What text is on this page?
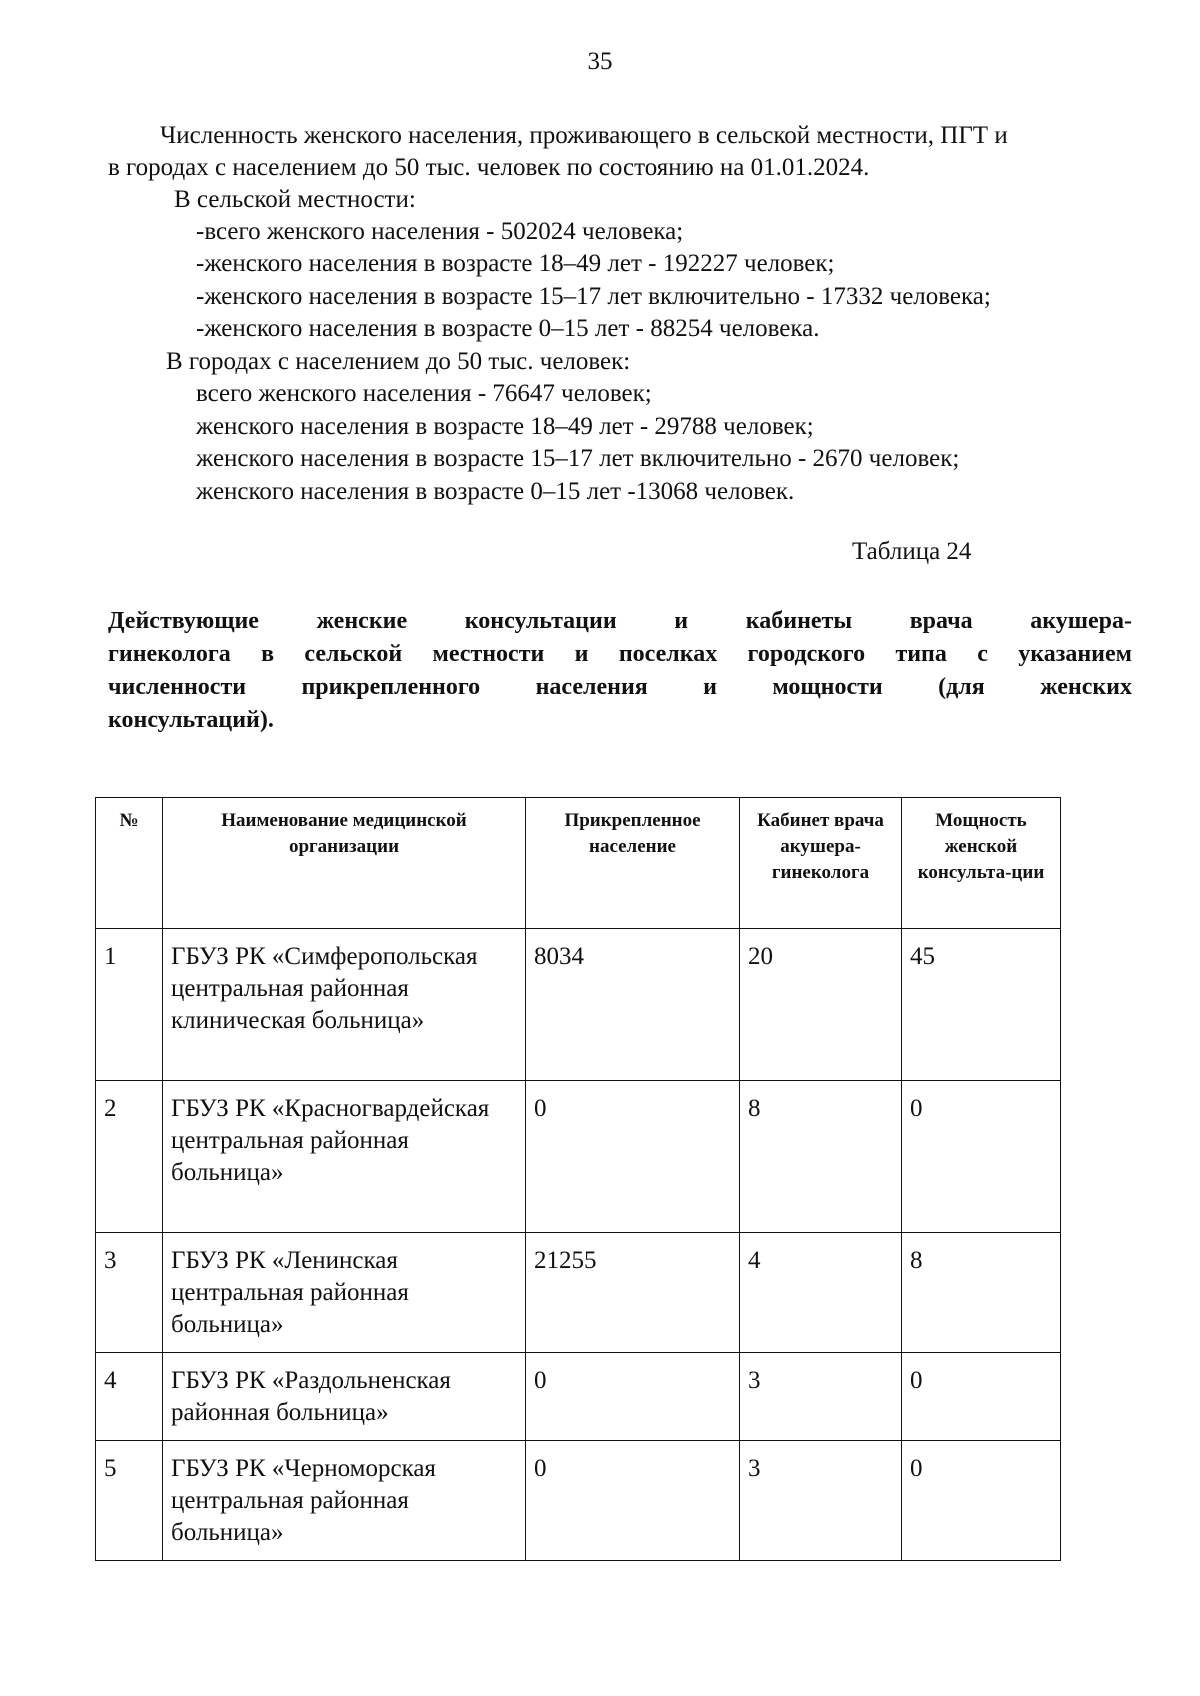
35
Численность женского населения, проживающего в сельской местности, ПГТ и
в городах с населением до 50 тыс. человек по состоянию на 01.01.2024.
В сельской местности:
-всего женского населения - 502024 человека;
-женского населения в возрасте 18–49 лет - 192227 человек;
-женского населения в возрасте 15–17 лет включительно - 17332 человека;
-женского населения в возрасте 0–15 лет - 88254 человека.
В городах с населением до 50 тыс. человек:
всего женского населения - 76647 человек;
женского населения в возрасте 18–49 лет - 29788 человек;
женского населения в возрасте 15–17 лет включительно - 2670 человек;
женского населения в возрасте 0–15 лет -13068 человек.
Таблица 24
Действующие женские консультации и кабинеты врача акушера-
гинеколога в сельской местности и поселках городского типа с указанием
численности прикрепленного населения и мощности (для женских
консультаций).
№	Наименование медицинской организации	Прикрепленное население	Кабинет врача акушера-гинеколога	Мощность женской консульта-ции
1	ГБУЗ РК «Симферопольская центральная районная клиническая больница»	8034	20	45
2	ГБУЗ РК «Красногвардейская центральная районная больница»	0	8	0
3	ГБУЗ РК «Ленинская центральная районная больница»	21255	4	8
4	ГБУЗ РК «Раздольненская районная больница»	0	3	0
5	ГБУЗ РК «Черноморская центральная районная больница»	0	3	0
